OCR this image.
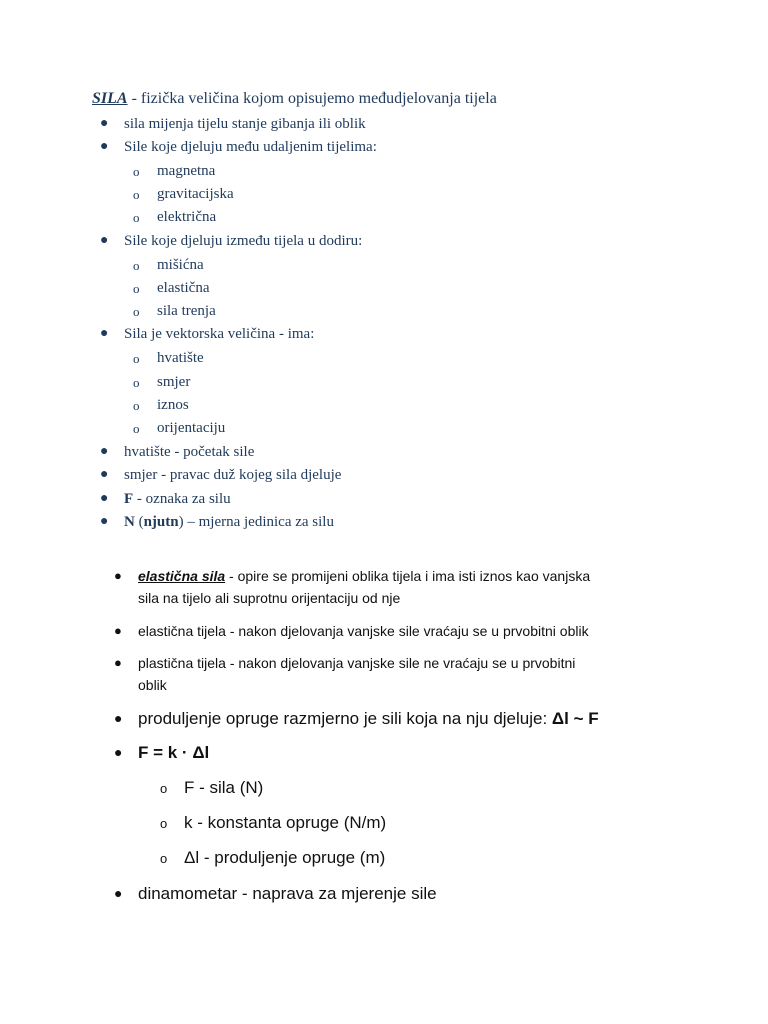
SILA - fizička veličina kojom opisujemo međudjelovanja tijela
● sila mijenja tijelu stanje gibanja ili oblik
● Sile koje djeluju među udaljenim tijelima:
o magnetna
o gravitacijska
o električna
● Sile koje djeluju između tijela u dodiru:
o mišićna
o elastična
o sila trenja
● Sila je vektorska veličina - ima:
o hvatište
o smjer
o iznos
o orijentaciju
● hvatište - početak sile
● smjer - pravac duž kojeg sila djeluje
● F - oznaka za silu
● N (njutn) – mjerna jedinica za silu
● elastična sila - opire se promijeni oblika tijela i ima isti iznos kao vanjska
sila na tijelo ali suprotnu orijentaciju od nje
● elastična tijela - nakon djelovanja vanjske sile vraćaju se u prvobitni oblik
● plastična tijela - nakon djelovanja vanjske sile ne vraćaju se u prvobitni
oblik
● produljenje opruge razmjerno je sili koja na nju djeluje: Δl ~ F
● F = k · Δl
o F - sila (N)
o k - konstanta opruge (N/m)
o Δl - produljenje opruge (m)
● dinamometar - naprava za mjerenje sile
